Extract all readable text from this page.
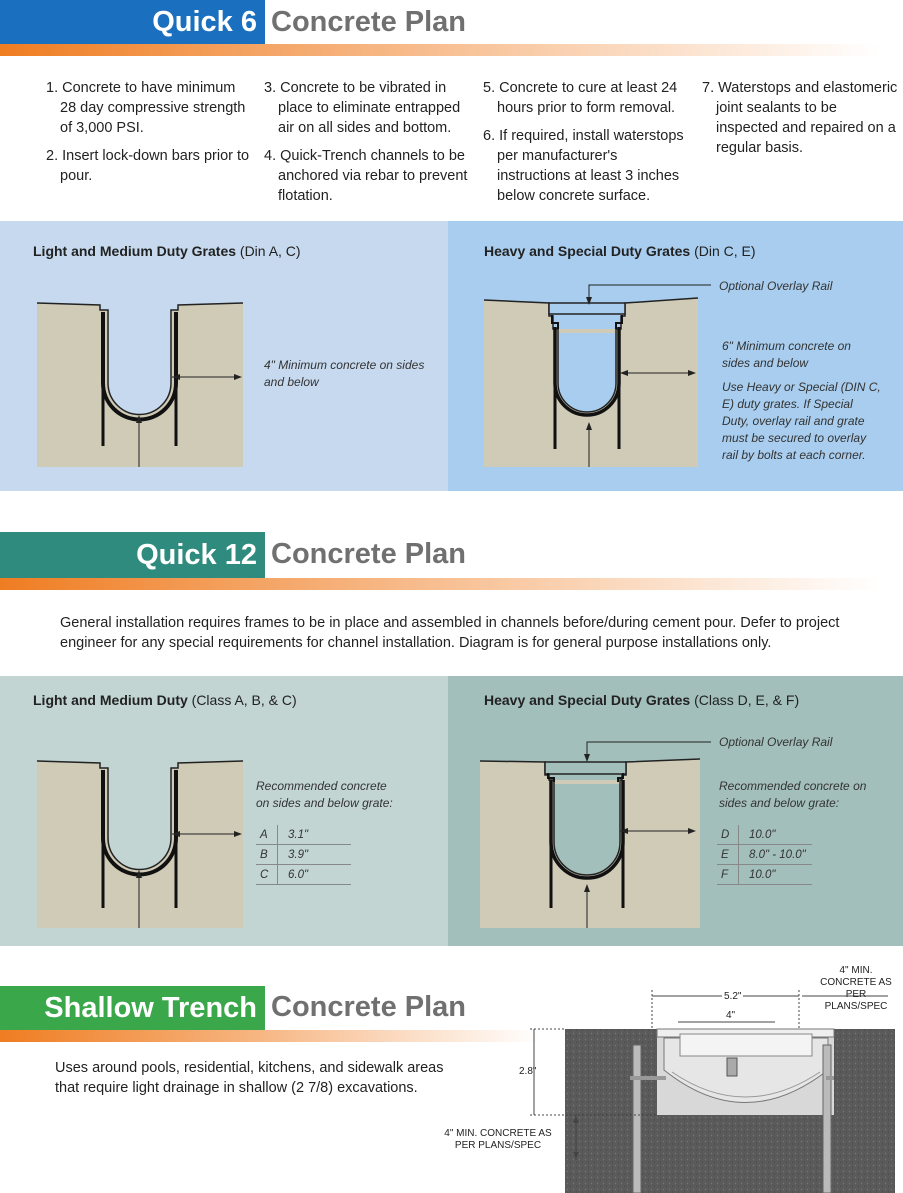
Quick 6 Concrete Plan
1. Concrete to have minimum 28 day compressive strength of 3,000 PSI.
2. Insert lock-down bars prior to pour.
3. Concrete to be vibrated in place to eliminate entrapped air on all sides and bottom.
4. Quick-Trench channels to be anchored via rebar to prevent flotation.
5. Concrete to cure at least 24 hours prior to form removal.
6. If required, install waterstops per manufacturer's instructions at least 3 inches below concrete surface.
7. Waterstops and elastomeric joint sealants to be inspected and repaired on a regular basis.
Light and Medium Duty Grates (Din A, C)
4" Minimum concrete on sides and below
Heavy and Special Duty Grates (Din C, E)
Optional Overlay Rail
6" Minimum concrete on sides and below
Use Heavy or Special (DIN C, E) duty grates. If Special Duty, overlay rail and grate must be secured to overlay rail by bolts at each corner.
Quick 12 Concrete Plan
General installation requires frames to be in place and assembled in channels before/during cement pour. Defer to project engineer for any special requirements for channel installation. Diagram is for general purpose installations only.
Light and Medium Duty (Class A, B, & C)
Recommended concrete on sides and below grate:
A	3.1"
B	3.9"
C	6.0"
Heavy and Special Duty Grates (Class D, E, & F)
Optional Overlay Rail
Recommended concrete on sides and below grate:
D	10.0"
E	8.0" - 10.0"
F	10.0"
Shallow Trench Concrete Plan
Uses around pools, residential, kitchens, and sidewalk areas that require light drainage in shallow (2 7/8) excavations.
4" MIN. CONCRETE AS PER PLANS/SPEC
5.2"
4"
2.8"
4" MIN. CONCRETE AS PER PLANS/SPEC
